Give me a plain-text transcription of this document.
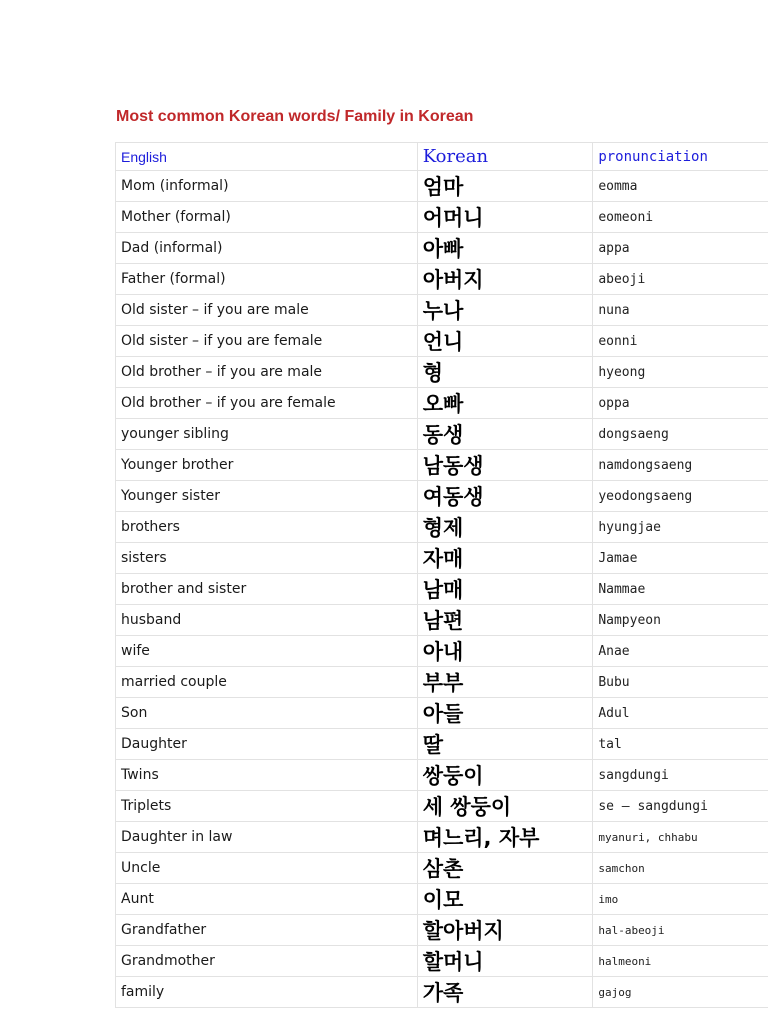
Most common Korean words/ Family in Korean
English	Korean	pronunciation
Mom (informal)	엄마	eomma
Mother (formal)	어머니	eomeoni
Dad (informal)	아빠	appa
Father (formal)	아버지	abeoji
Old sister – if you are male	누나	nuna
Old sister – if you are female	언니	eonni
Old brother – if you are male	형	hyeong
Old brother – if you are female	오빠	oppa
younger sibling	동생	dongsaeng
Younger brother	남동생	namdongsaeng
Younger sister	여동생	yeodongsaeng
brothers	형제	hyungjae
sisters	자매	Jamae
brother and sister	남매	Nammae
husband	남편	Nampyeon
wife	아내	Anae
married couple	부부	Bubu
Son	아들	Adul
Daughter	딸	tal
Twins	쌍둥이	sangdungi
Triplets	세 쌍둥이	se – sangdungi
Daughter in law	며느리, 자부	myanuri, chhabu
Uncle	삼촌	samchon
Aunt	이모	imo
Grandfather	할아버지	hal-abeoji
Grandmother	할머니	halmeoni
family	가족	gajog
